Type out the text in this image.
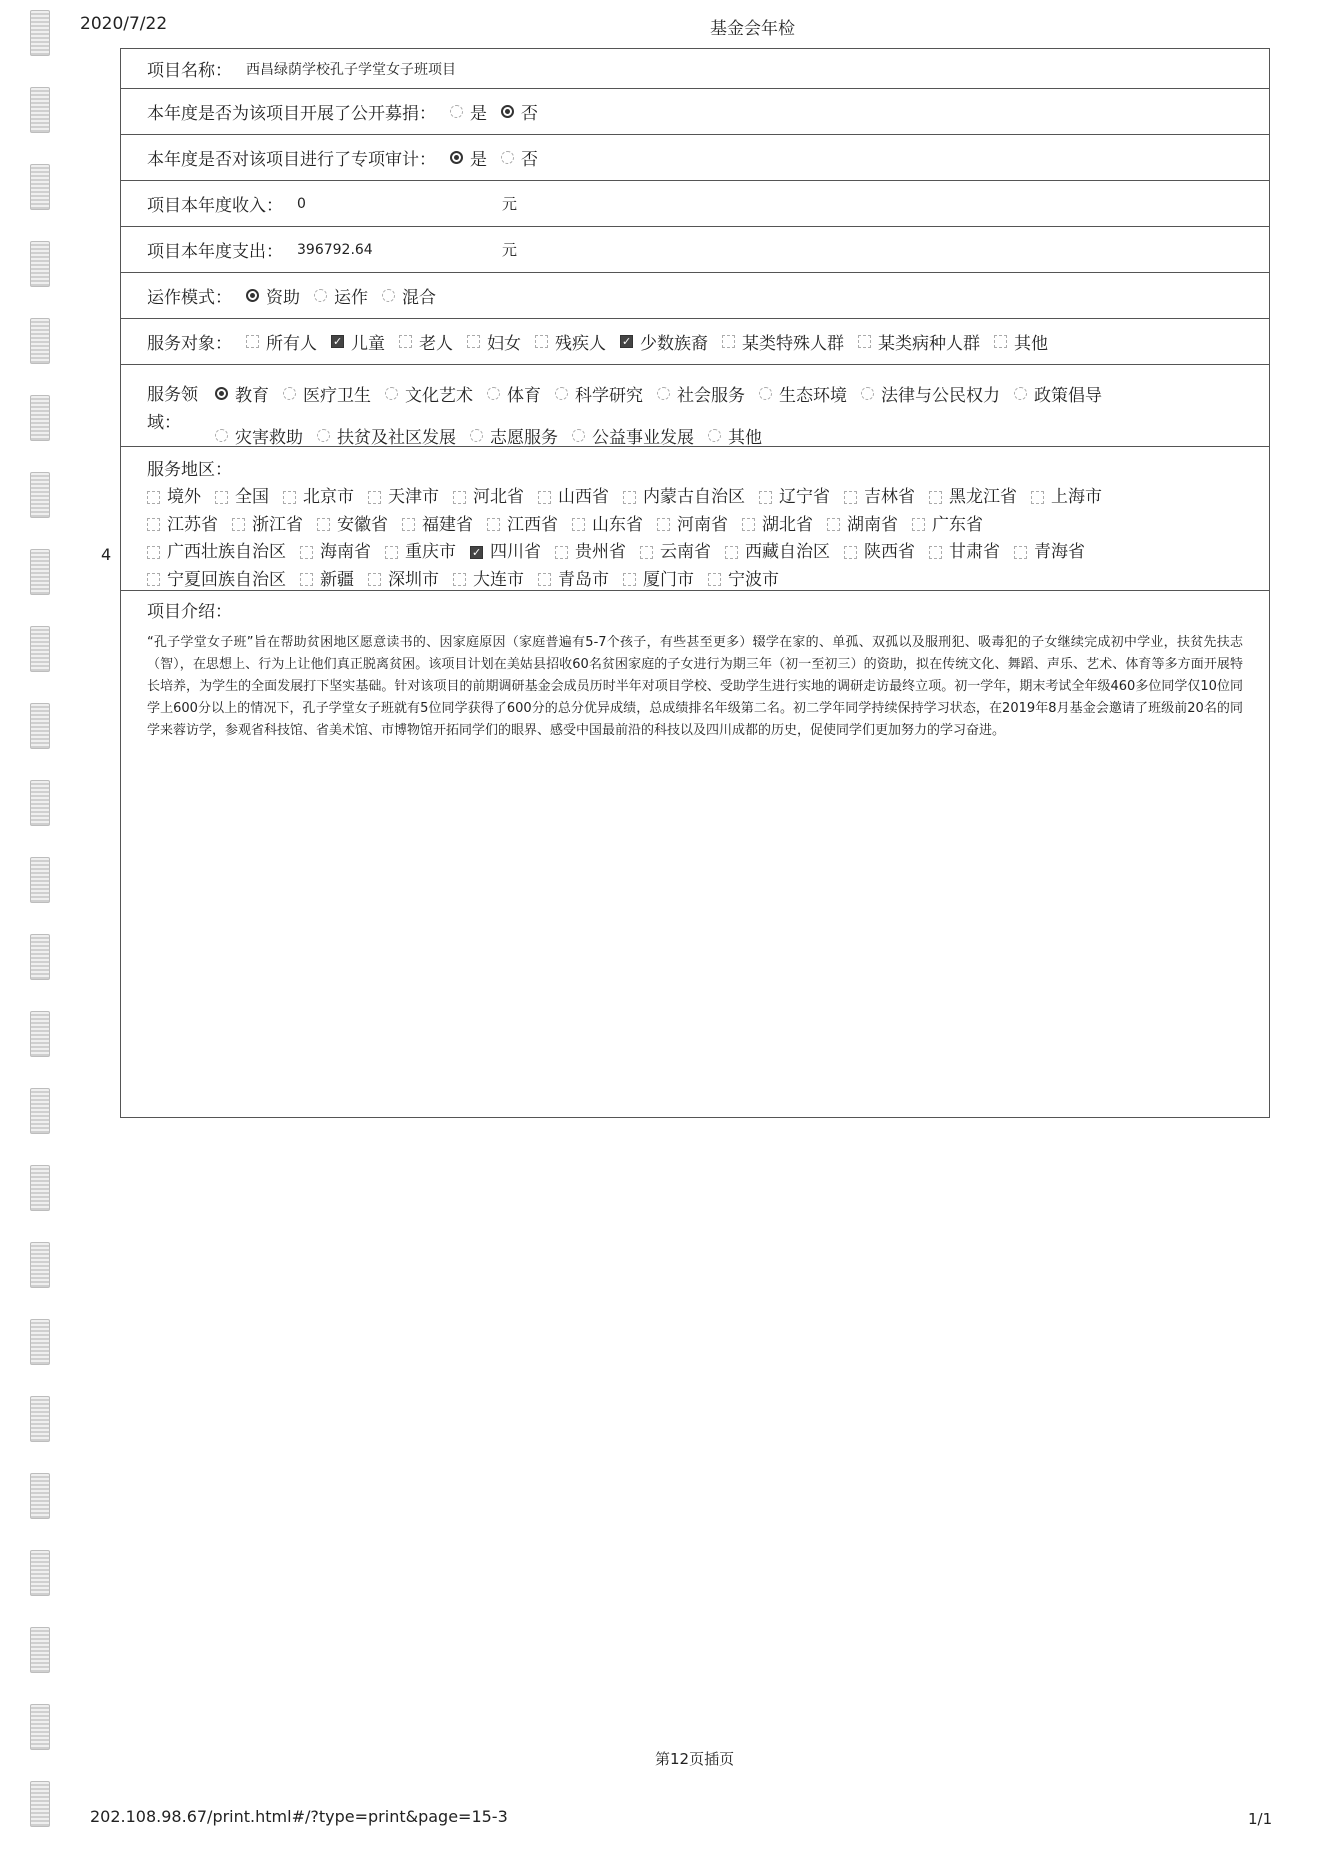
2020/7/22	基金会年检
项目名称： 西昌绿荫学校孔子学堂女子班项目
本年度是否为该项目开展了公开募捐： 是 否
本年度是否对该项目进行了专项审计： 是 否
项目本年度收入： 0	元
项目本年度支出： 396792.64	元
运作模式： 资助 运作 混合
服务对象： 所有人 ✓ 儿童 老人 妇女 残疾人 ✓ 少数族裔 某类特殊人群 某类病种人群 其他
服务领域：
教育 医疗卫生 文化艺术 体育 科学研究 社会服务 生态环境 法律与公民权力 政策倡导
灾害救助 扶贫及社区发展 志愿服务 公益事业发展 其他
4
服务地区：
境外 全国 北京市 天津市 河北省 山西省 内蒙古自治区 辽宁省 吉林省 黑龙江省 上海市
江苏省 浙江省 安徽省 福建省 江西省 山东省 河南省 湖北省 湖南省 广东省
广西壮族自治区 海南省 重庆市 ✓ 四川省 贵州省 云南省 西藏自治区 陕西省 甘肃省 青海省
宁夏回族自治区 新疆 深圳市 大连市 青岛市 厦门市 宁波市
项目介绍：
“孔子学堂女子班”旨在帮助贫困地区愿意读书的、因家庭原因（家庭普遍有5-7个孩子，有些甚至更多）辍学在家的、单孤、双孤以及服刑犯、吸毒犯的子女继续完成初中学业，扶贫先扶志（智），在思想上、行为上让他们真正脱离贫困。该项目计划在美姑县招收60名贫困家庭的子女进行为期三年（初一至初三）的资助，拟在传统文化、舞蹈、声乐、艺术、体育等多方面开展特长培养，为学生的全面发展打下坚实基础。针对该项目的前期调研基金会成员历时半年对项目学校、受助学生进行实地的调研走访最终立项。初一学年，期末考试全年级460多位同学仅10位同学上600分以上的情况下，孔子学堂女子班就有5位同学获得了600分的总分优异成绩，总成绩排名年级第二名。初二学年同学持续保持学习状态，在2019年8月基金会邀请了班级前20名的同学来蓉访学，参观省科技馆、省美术馆、市博物馆开拓同学们的眼界、感受中国最前沿的科技以及四川成都的历史，促使同学们更加努力的学习奋进。
第12页插页
202.108.98.67/print.html#/?type=print&page=15-3	1/1
